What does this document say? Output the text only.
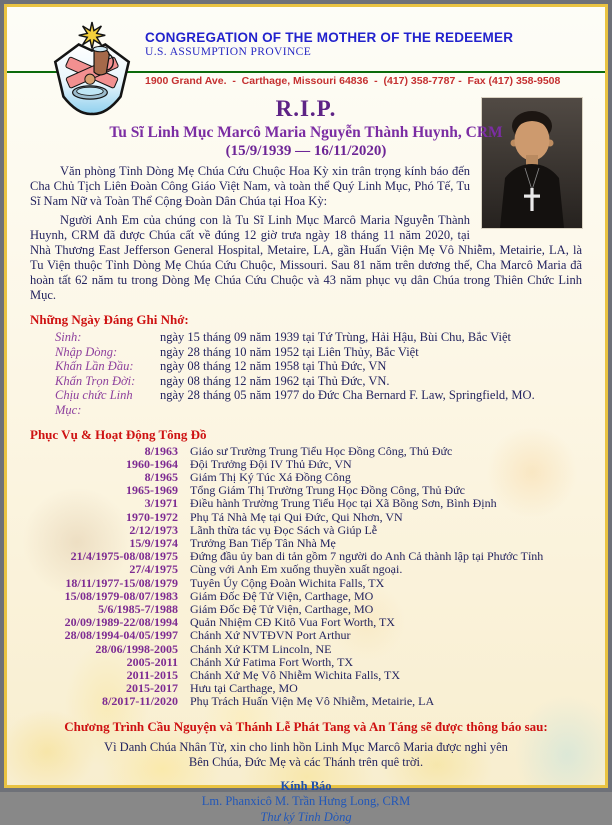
CONGREGATION OF THE MOTHER OF THE REDEEMER
U.S. ASSUMPTION PROVINCE
1900 Grand Ave.  -  Carthage, Missouri 64836  -  (417) 358-7787 -  Fax (417) 358-9508
R.I.P.
Tu Sĩ Linh Mục Marcô Maria Nguyễn Thành Huynh, CRM
(15/9/1939 — 16/11/2020)

Văn phòng Tỉnh Dòng Mẹ Chúa Cứu Chuộc Hoa Kỳ xin trân trọng kính báo đến Cha Chủ Tịch Liên Đoàn Công Giáo Việt Nam, và toàn thể Quý Linh Mục, Phó Tế, Tu Sĩ Nam Nữ và Toàn Thể Cộng Đoàn Dân Chúa tại Hoa Kỳ:

Người Anh Em của chúng con là Tu Sĩ Linh Mục Marcô Maria Nguyễn Thành Huynh, CRM đã được Chúa cất về đúng 12 giờ trưa ngày 18 tháng 11 năm 2020, tại Nhà Thương East Jefferson General Hospital, Metaire, LA, gần Huấn Viện Mẹ Vô Nhiễm, Metairie, LA, là Tu Viện thuộc Tỉnh Dòng Mẹ Chúa Cứu Chuộc, Missouri. Sau 81 năm trên dương thế, Cha Marcô Maria đã hoàn tất 62 năm tu trong Dòng Mẹ Chúa Cứu Chuộc và 43 năm phục vụ dân Chúa trong Thiên Chức Linh Mục.

Những Ngày Đáng Ghi Nhớ:
Sinh:	ngày 15 tháng 09 năm 1939 tại Tứ Trùng, Hải Hậu, Bùi Chu, Bắc Việt
Nhập Dòng:	ngày 28 tháng 10 năm 1952 tại Liên Thủy, Bắc Việt
Khấn Lần Đầu:	ngày 08 tháng 12 năm 1958 tại Thủ Đức, VN
Khấn Trọn Đời:	ngày 08 tháng 12 năm 1962 tại Thủ Đức, VN.
Chịu chức Linh Mục:
ngày 28 tháng 05 năm 1977 do Đức Cha Bernard F. Law, Springfield, MO.
Phục Vụ & Hoạt Động Tông Đồ
8/1963 Giáo sư Trường Trung Tiểu Học Đồng Công, Thủ Đức
1960-1964 Đội Trưởng Đội IV Thủ Đức, VN
8/1965 Giám Thị Ký Túc Xá Đồng Công
1965-1969 Tổng Giám Thị Trường Trung Học Đồng Công, Thủ Đức
3/1971 Điều hành Trường Trung Tiểu Học tại Xã Bồng Sơn, Bình Định
1970-1972 Phụ Tá Nhà Mẹ tại Qui Đức, Qui Nhơn, VN
2/12/1973 Lãnh thừa tác vụ Đọc Sách và Giúp Lễ
15/9/1974 Trưởng Ban Tiếp Tân Nhà Mẹ
21/4/1975-08/08/1975 Đứng đầu ủy ban di tản gồm 7 người do Anh Cả thành lập tại Phước Tỉnh
27/4/1975 Cùng với Anh Em xuống thuyền xuất ngoại.
18/11/1977-15/08/1979 Tuyên Úy Cộng Đoàn Wichita Falls, TX
15/08/1979-08/07/1983 Giám Đốc Đệ Tử Viện, Carthage, MO
5/6/1985-7/1988 Giám Đốc Đệ Tử Viện, Carthage, MO
20/09/1989-22/08/1994 Quản Nhiệm CĐ Kitô Vua Fort Worth, TX
28/08/1994-04/05/1997 Chánh Xứ NVTĐVN Port Arthur
28/06/1998-2005 Chánh Xứ KTM Lincoln, NE
2005-2011 Chánh Xứ Fatima Fort Worth, TX
2011-2015 Chánh Xứ Mẹ Vô Nhiễm Wichita Falls, TX
2015-2017 Hưu tại Carthage, MO
8/2017-11/2020 Phụ Trách Huấn Viện Mẹ Vô Nhiễm, Metairie, LA

Chương Trình Cầu Nguyện và Thánh Lễ Phát Tang và An Táng sẽ được thông báo sau:

Vì Danh Chúa Nhân Từ, xin cho linh hồn Linh Mục Marcô Maria được nghỉ yên
Bên Chúa, Đức Mẹ và các Thánh trên quê trời.

Kính Báo
Lm. Phanxicô M. Trần Hưng Long, CRM
Thư ký Tỉnh Dòng
